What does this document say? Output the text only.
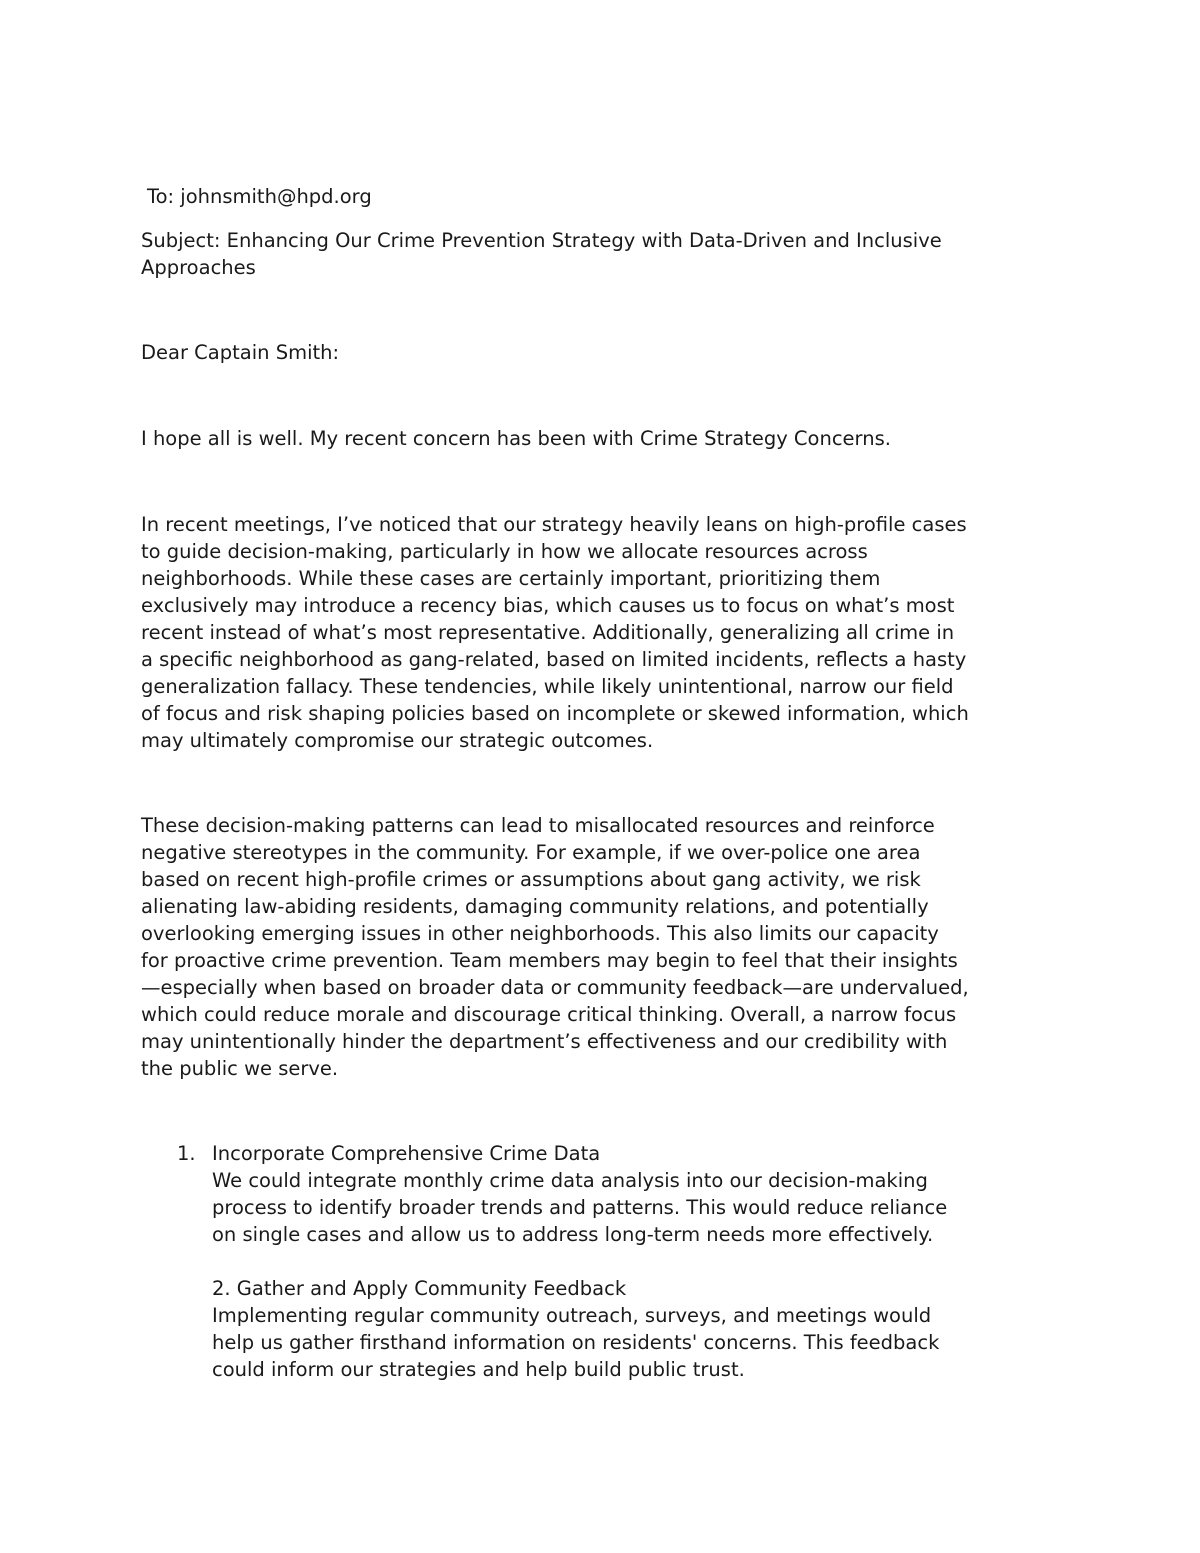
To: johnsmith@hpd.org
Subject: Enhancing Our Crime Prevention Strategy with Data-Driven and Inclusive
Approaches
Dear Captain Smith:
I hope all is well. My recent concern has been with Crime Strategy Concerns.
In recent meetings, I’ve noticed that our strategy heavily leans on high-profile cases
to guide decision-making, particularly in how we allocate resources across
neighborhoods. While these cases are certainly important, prioritizing them
exclusively may introduce a recency bias, which causes us to focus on what’s most
recent instead of what’s most representative. Additionally, generalizing all crime in
a specific neighborhood as gang-related, based on limited incidents, reflects a hasty
generalization fallacy. These tendencies, while likely unintentional, narrow our field
of focus and risk shaping policies based on incomplete or skewed information, which
may ultimately compromise our strategic outcomes.
These decision-making patterns can lead to misallocated resources and reinforce
negative stereotypes in the community. For example, if we over-police one area
based on recent high-profile crimes or assumptions about gang activity, we risk
alienating law-abiding residents, damaging community relations, and potentially
overlooking emerging issues in other neighborhoods. This also limits our capacity
for proactive crime prevention. Team members may begin to feel that their insights
—especially when based on broader data or community feedback—are undervalued,
which could reduce morale and discourage critical thinking. Overall, a narrow focus
may unintentionally hinder the department’s effectiveness and our credibility with
the public we serve.
1. Incorporate Comprehensive Crime Data
We could integrate monthly crime data analysis into our decision-making
process to identify broader trends and patterns. This would reduce reliance
on single cases and allow us to address long-term needs more effectively.
2. Gather and Apply Community Feedback
Implementing regular community outreach, surveys, and meetings would
help us gather firsthand information on residents' concerns. This feedback
could inform our strategies and help build public trust.
